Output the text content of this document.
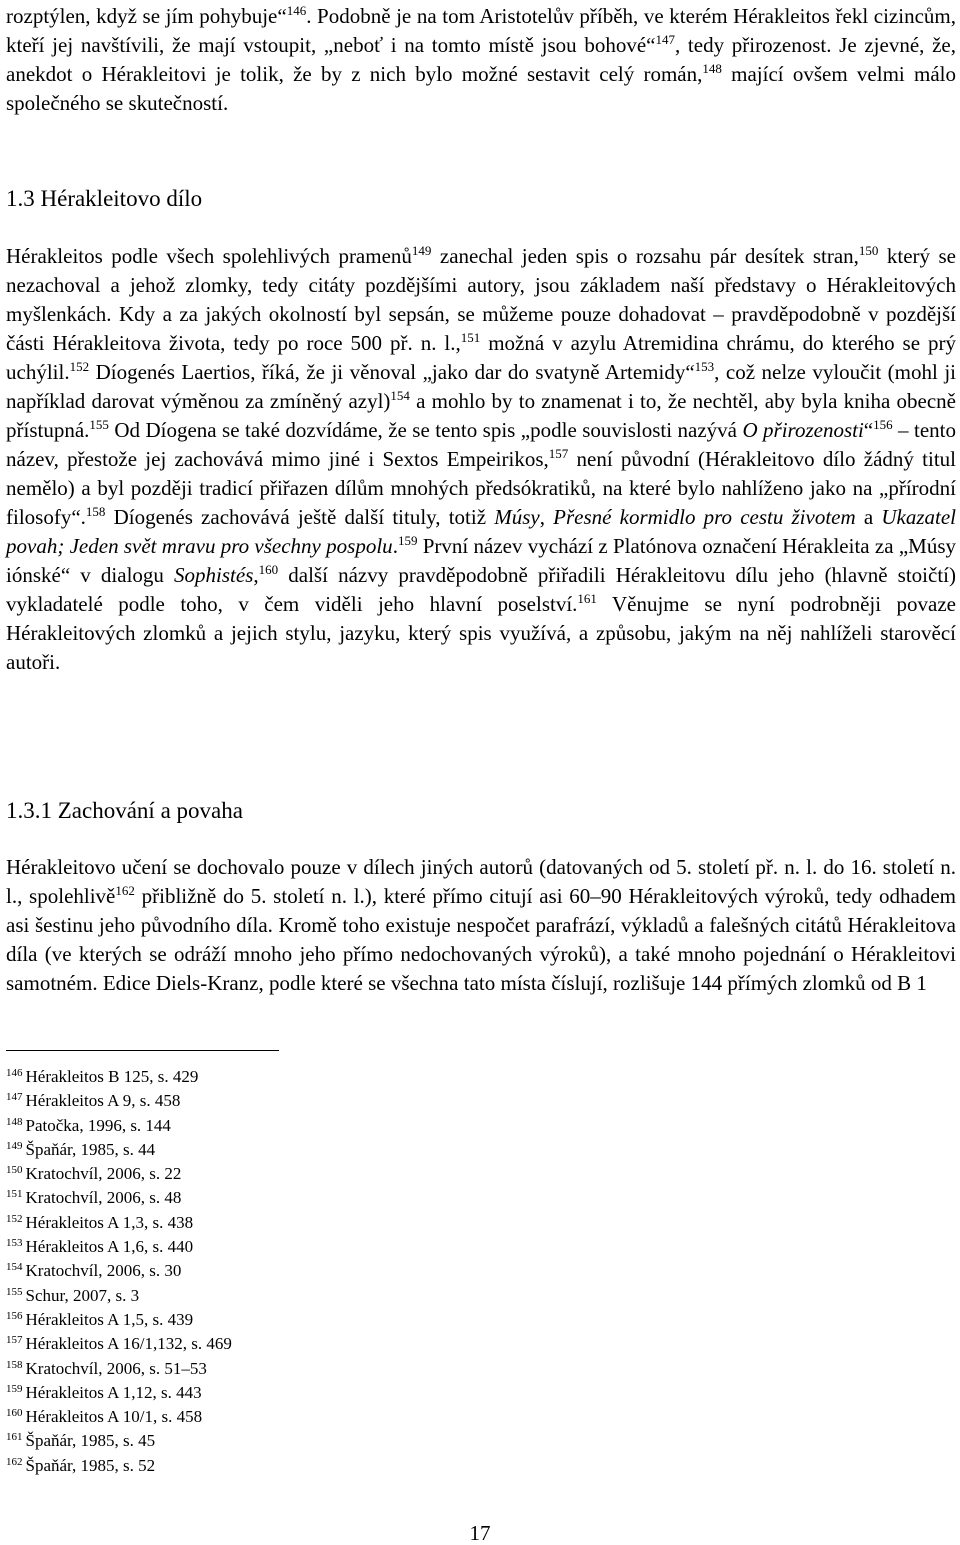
rozptýlen, když se jím pohybuje“$^{146}$. Podobně je na tom Aristotelův příběh, ve kterém Hérakleitos řekl cizincům, kteří jej navštívili, že mají vstoupit, „neboť i na tomto místě jsou bohové“$^{147}$, tedy přirozenost. Je zjevné, že, anekdot o Hérakleitovi je tolik, že by z nich bylo možné sestavit celý román,$^{148}$ mající ovšem velmi málo společného se skutečností.

1.3 Hérakleitovo dílo

Hérakleitos podle všech spolehlivých pramenů$^{149}$ zanechal jeden spis o rozsahu pár desítek stran,$^{150}$ který se nezachoval a jehož zlomky, tedy citáty pozdějšími autory, jsou základem naší představy o Hérakleitových myšlenkách. Kdy a za jakých okolností byl sepsán, se můžeme pouze dohadovat – pravděpodobně v pozdější části Hérakleitova života, tedy po roce 500 př. n. l.,$^{151}$ možná v azylu Atremidina chrámu, do kterého se prý uchýlil.$^{152}$ Díogenés Laertios, říká, že ji věnoval „jako dar do svatyně Artemidy“$^{153}$, což nelze vyloučit (mohl ji například darovat výměnou za zmíněný azyl)$^{154}$ a mohlo by to znamenat i to, že nechtěl, aby byla kniha obecně přístupná.$^{155}$ Od Díogena se také dozvídáme, že se tento spis „podle souvislosti nazývá O přirozenosti“$^{156}$ – tento název, přestože jej zachovává mimo jiné i Sextos Empeirikos,$^{157}$ není původní (Hérakleitovo dílo žádný titul nemělo) a byl později tradicí přiřazen dílům mnohých předsókratiků, na které bylo nahlíženo jako na „přírodní filosofy“.$^{158}$ Díogenés zachovává ještě další tituly, totiž Músy, Přesné kormidlo pro cestu životem a Ukazatel povah; Jeden svět mravu pro všechny pospolu.$^{159}$ První název vychází z Platónova označení Hérakleita za „Músy iónské“ v dialogu Sophistés,$^{160}$ další názvy pravděpodobně přiřadili Hérakleitovu dílu jeho (hlavně stoičtí) vykladatelé podle toho, v čem viděli jeho hlavní poselství.$^{161}$ Věnujme se nyní podrobněji povaze Hérakleitových zlomků a jejich stylu, jazyku, který spis využívá, a způsobu, jakým na něj nahlíželi starověcí autoři.

1.3.1 Zachování a povaha

Hérakleitovo učení se dochovalo pouze v dílech jiných autorů (datovaných od 5. století př. n. l. do 16. století n. l., spolehlivě$^{162}$ přibližně do 5. století n. l.), které přímo citují asi 60–90 Hérakleitových výroků, tedy odhadem asi šestinu jeho původního díla. Kromě toho existuje nespočet parafrází, výkladů a falešných citátů Hérakleitova díla (ve kterých se odráží mnoho jeho přímo nedochovaných výroků), a také mnoho pojednání o Hérakleitovi samotném. Edice Diels-Kranz, podle které se všechna tato místa číslují, rozlišuje 144 přímých zlomků od B 1

$^{146}$ Hérakleitos B 125, s. 429
$^{147}$ Hérakleitos A 9, s. 458
$^{148}$ Patočka, 1996, s. 144
$^{149}$ Špaňár, 1985, s. 44
$^{150}$ Kratochvíl, 2006, s. 22
$^{151}$ Kratochvíl, 2006, s. 48
$^{152}$ Hérakleitos A 1,3, s. 438
$^{153}$ Hérakleitos A 1,6, s. 440
$^{154}$ Kratochvíl, 2006, s. 30
$^{155}$ Schur, 2007, s. 3
$^{156}$ Hérakleitos A 1,5, s. 439
$^{157}$ Hérakleitos A 16/1,132, s. 469
$^{158}$ Kratochvíl, 2006, s. 51–53
$^{159}$ Hérakleitos A 1,12, s. 443
$^{160}$ Hérakleitos A 10/1, s. 458
$^{161}$ Špaňár, 1985, s. 45
$^{162}$ Špaňár, 1985, s. 52
17
